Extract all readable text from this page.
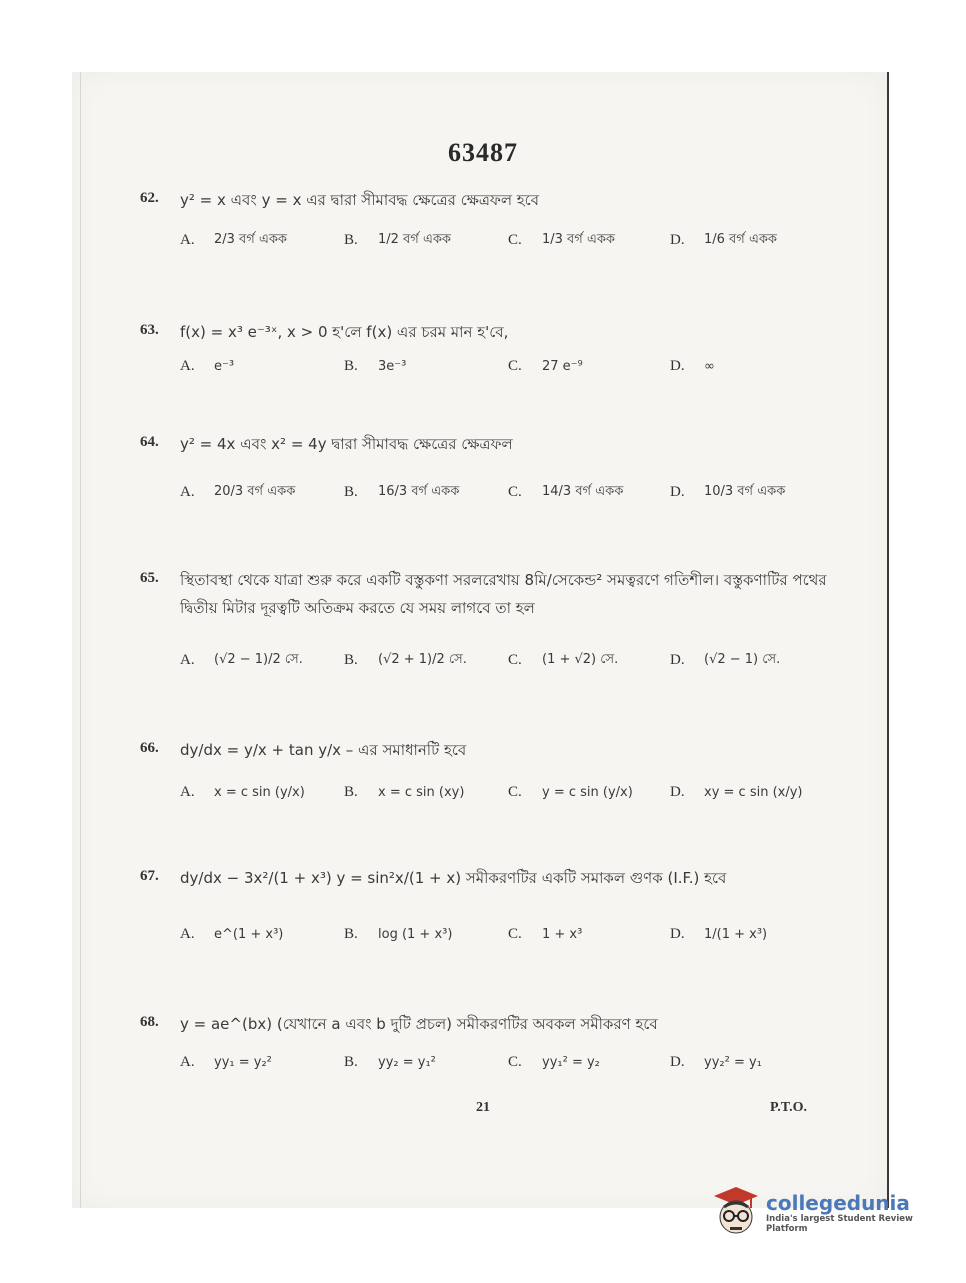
63487
62. y² = x এবং y = x এর দ্বারা সীমাবদ্ধ ক্ষেত্রের ক্ষেত্রফল হবে
A.	2/3 বর্গ একক	B.	1/2 বর্গ একক	C.	1/3 বর্গ একক	D.	1/6 বর্গ একক
63. f(x) = x³ e⁻³ˣ, x > 0 হ'লে f(x) এর চরম মান হ'বে,
A.	e⁻³	B.	3e⁻³	C.	27 e⁻⁹	D.	∞
64. y² = 4x এবং x² = 4y দ্বারা সীমাবদ্ধ ক্ষেত্রের ক্ষেত্রফল
A.	20/3 বর্গ একক	B.	16/3 বর্গ একক	C.	14/3 বর্গ একক	D.	10/3 বর্গ একক
65. স্থিতাবস্থা থেকে যাত্রা শুরু করে একটি বস্তুকণা সরলরেখায় 8মি/সেকেন্ড² সমত্বরণে গতিশীল। বস্তুকণাটির পথের দ্বিতীয় মিটার দূরত্বটি অতিক্রম করতে যে সময় লাগবে তা হল
A.	(√2 − 1)/2 সে.	B.	(√2 + 1)/2 সে.	C.	(1 + √2) সে.	D.	(√2 − 1) সে.
66. dy/dx = y/x + tan y/x – এর সমাধানটি হবে
A.	x = c sin (y/x)	B.	x = c sin (xy)	C.	y = c sin (y/x) D.	xy = c sin (x/y)
67. dy/dx − 3x²/(1 + x³) y = sin²x/(1 + x) সমীকরণটির একটি সমাকল গুণক (I.F.) হবে
A.	e^(1 + x³)	B.	log (1 + x³)	C.	1 + x³	D.	1/(1 + x³)
68. y = ae^(bx) (যেখানে a এবং b দুটি প্রচল) সমীকরণটির অবকল সমীকরণ হবে
A.	yy₁ = y₂²	B.	yy₂ = y₁²	C.	yy₁² = y₂	D.	yy₂² = y₁
21	P.T.O.
collegedunia
India's largest Student Review Platform
